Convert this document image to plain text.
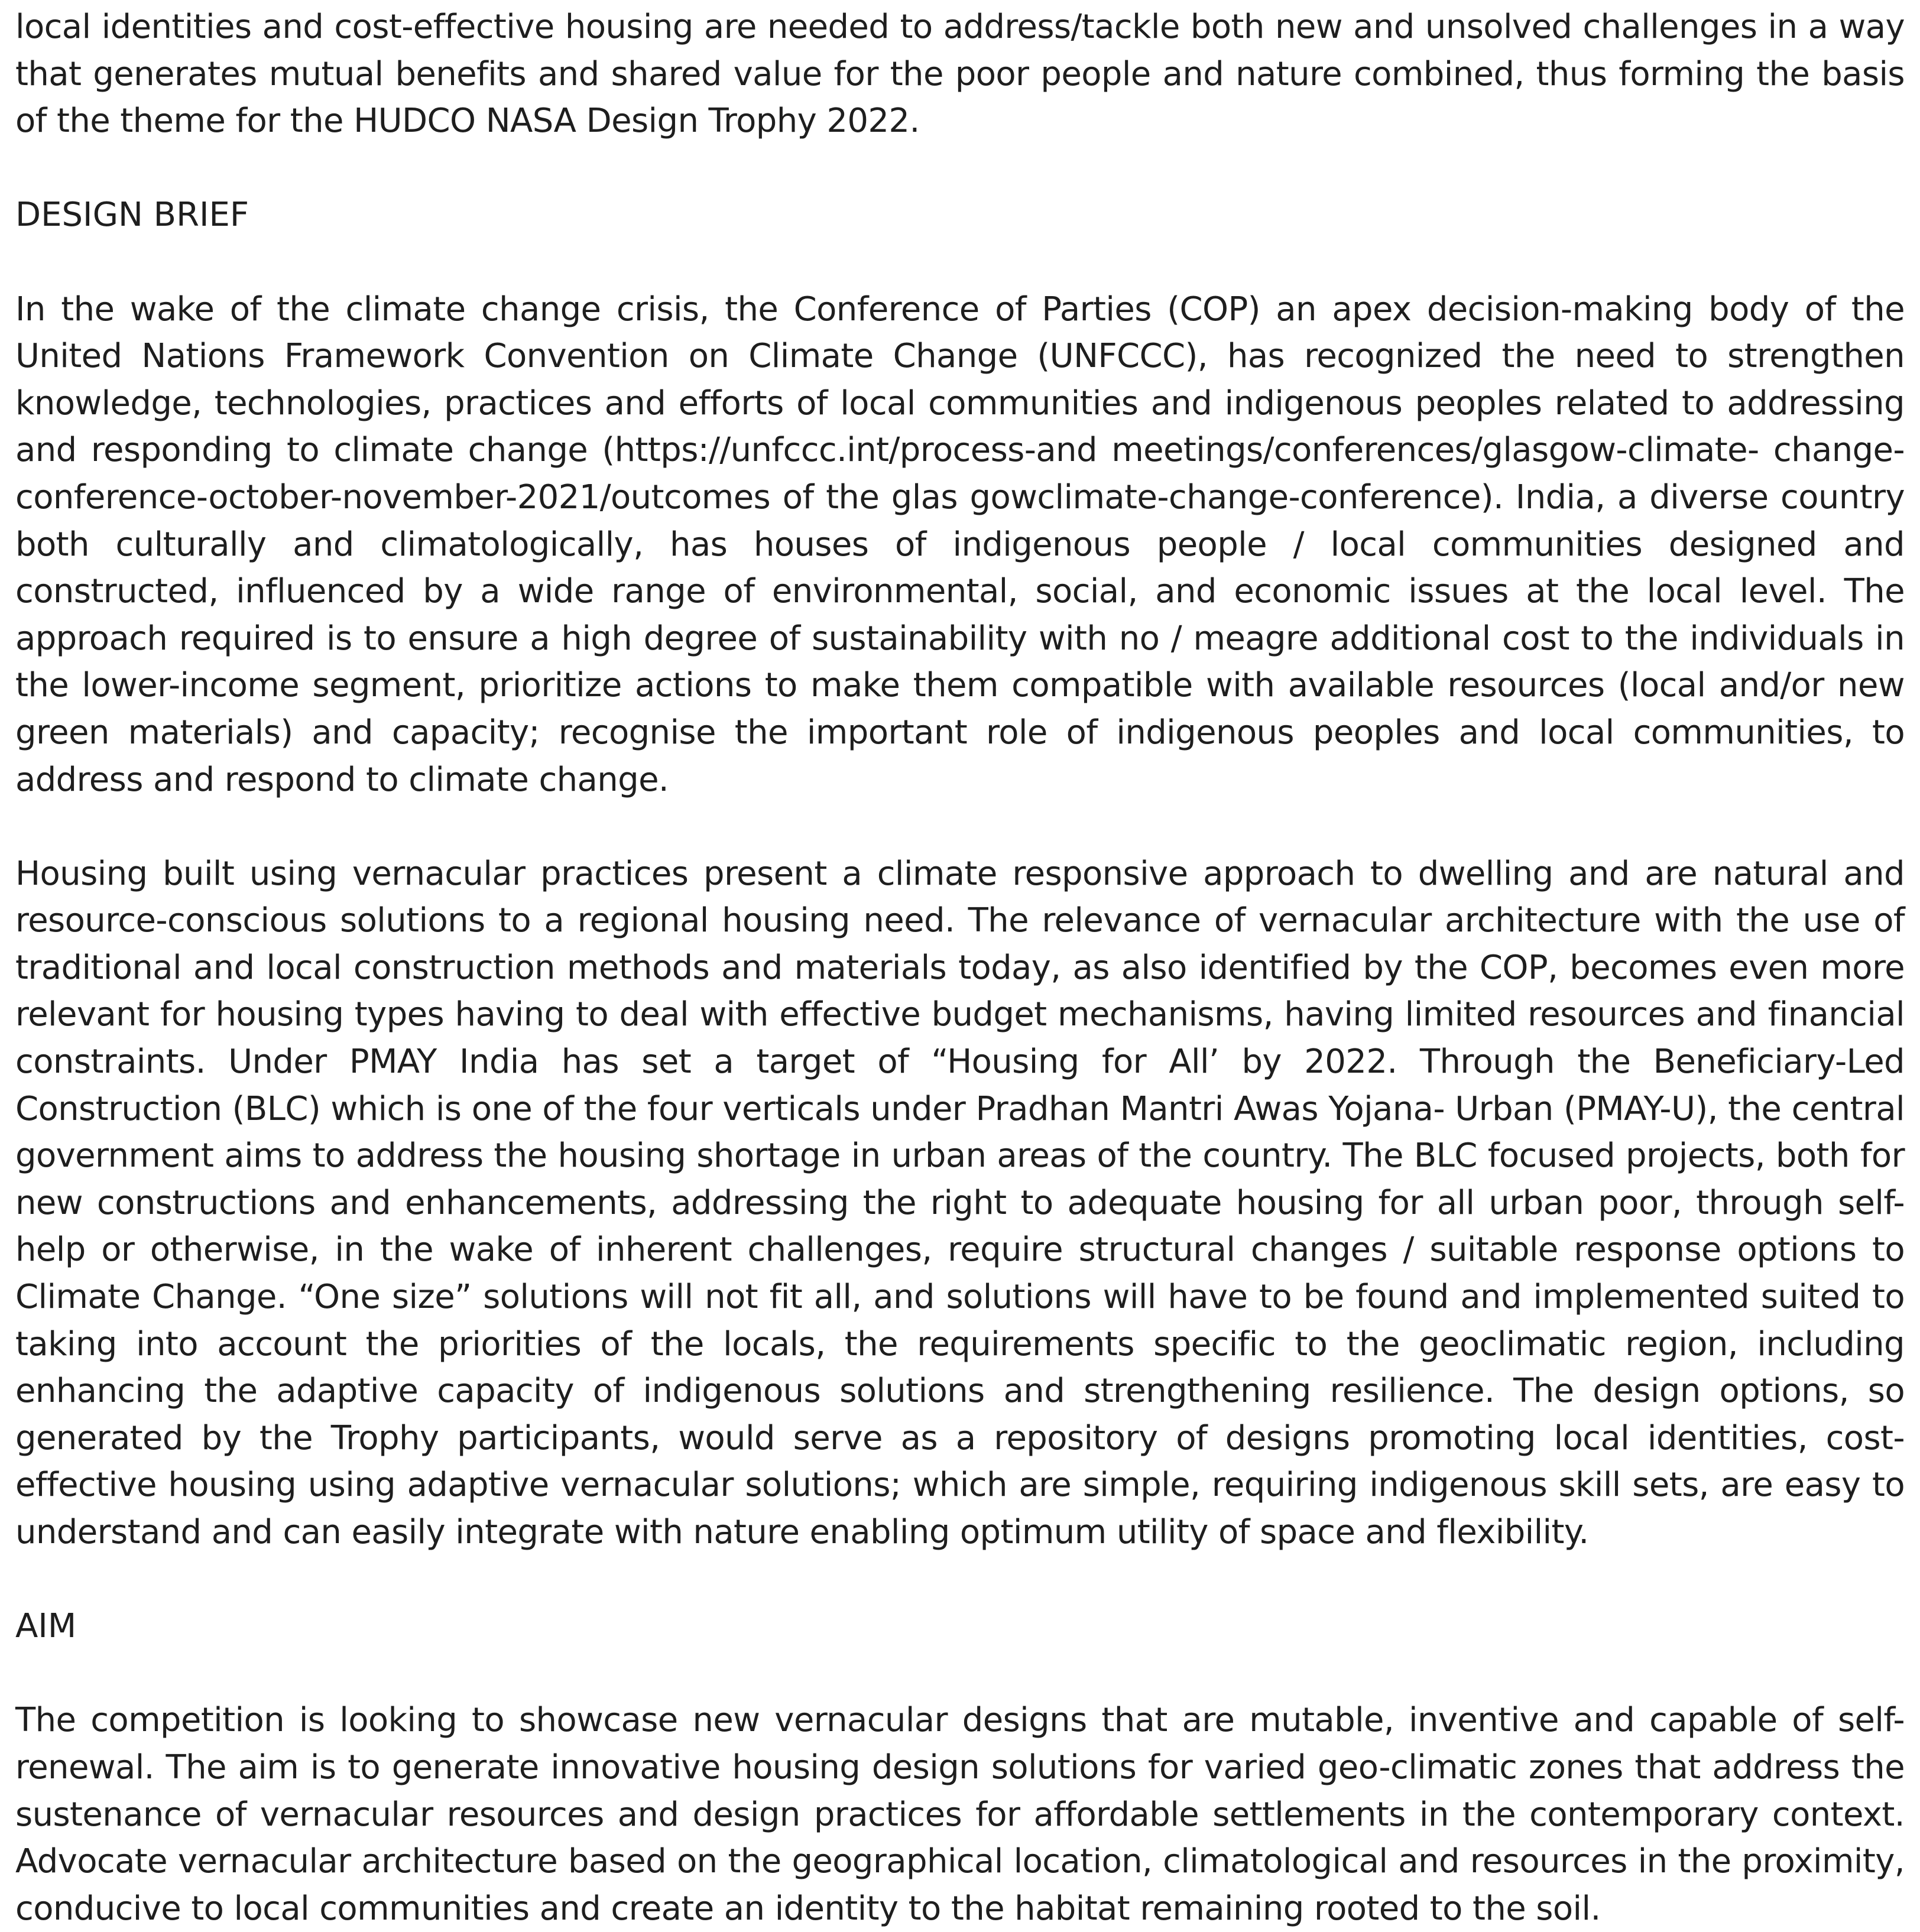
local identities and cost-effective housing are needed to address/tackle both new and unsolved challenges in a way that generates mutual benefits and shared value for the poor people and nature combined, thus forming the basis of the theme for the HUDCO NASA Design Trophy 2022.

DESIGN BRIEF

In the wake of the climate change crisis, the Conference of Parties (COP) an apex decision-making body of the United Nations Framework Convention on Climate Change (UNFCCC), has recognized the need to strengthen knowledge, technologies, practices and efforts of local communities and indigenous peoples related to addressing and responding to climate change (https://unfccc.int/process-and meetings/conferences/glasgow-climate- change-conference-october-november-2021/outcomes of the glas gowclimate-change-conference). India, a diverse country both culturally and climatologically, has houses of indigenous people / local communities designed and constructed, influenced by a wide range of environmental, social, and economic issues at the local level. The approach required is to ensure a high degree of sustainability with no / meagre additional cost to the individuals in the lower-income segment, prioritize actions to make them compatible with available resources (local and/or new green materials) and capacity; recognise the important role of indigenous peoples and local communities, to address and respond to climate change.

Housing built using vernacular practices present a climate responsive approach to dwelling and are natural and resource-conscious solutions to a regional housing need. The relevance of vernacular architecture with the use of traditional and local construction methods and materials today, as also identified by the COP, becomes even more relevant for housing types having to deal with effective budget mechanisms, having limited resources and financial constraints. Under PMAY India has set a target of “Housing for All’ by 2022. Through the Beneficiary-Led Construction (BLC) which is one of the four verticals under Pradhan Mantri Awas Yojana- Urban (PMAY-U), the central government aims to address the housing shortage in urban areas of the country. The BLC focused projects, both for new constructions and enhancements, addressing the right to adequate housing for all urban poor, through self-help or otherwise, in the wake of inherent challenges, require structural changes / suitable response options to Climate Change. “One size” solutions will not fit all, and solutions will have to be found and implemented suited to taking into account the priorities of the locals, the requirements specific to the geoclimatic region, including enhancing the adaptive capacity of indigenous solutions and strengthening resilience. The design options, so generated by the Trophy participants, would serve as a repository of designs promoting local identities, cost-effective housing using adaptive vernacular solutions; which are simple, requiring indigenous skill sets, are easy to understand and can easily integrate with nature enabling optimum utility of space and flexibility.

AIM

The competition is looking to showcase new vernacular designs that are mutable, inventive and capable of self-renewal. The aim is to generate innovative housing design solutions for varied geo-climatic zones that address the sustenance of vernacular resources and design practices for affordable settlements in the contemporary context. Advocate vernacular architecture based on the geographical location, climatological and resources in the proximity, conducive to local communities and create an identity to the habitat remaining rooted to the soil.
